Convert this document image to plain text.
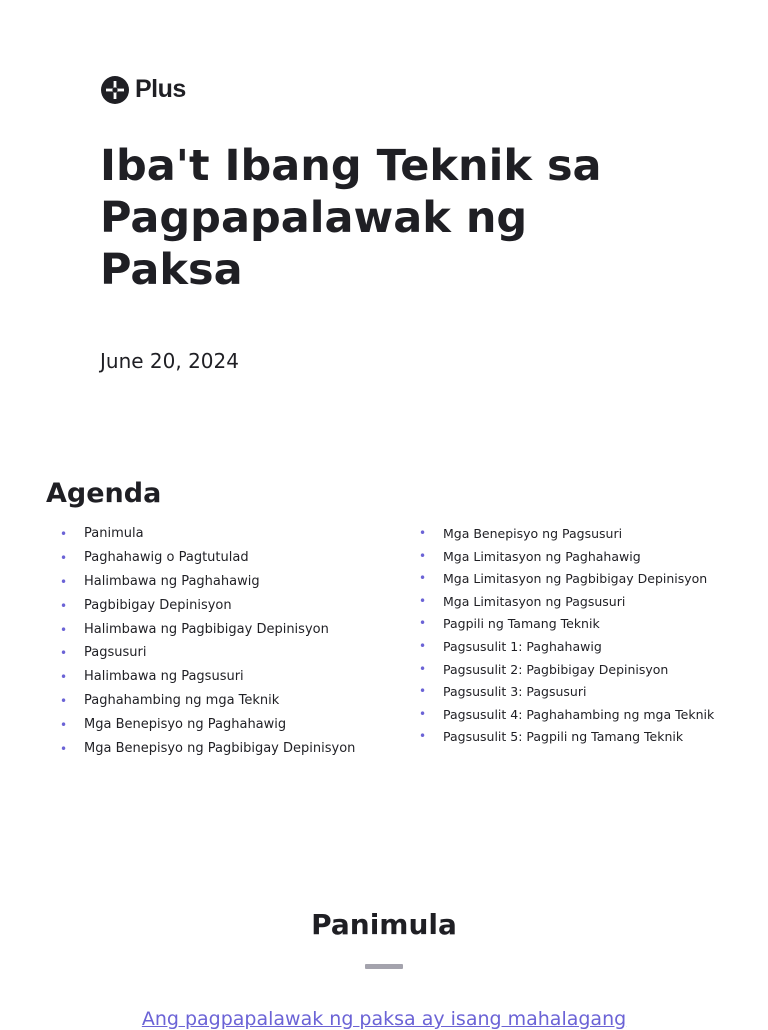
Plus
Iba't Ibang Teknik sa Pagpapalawak ng Paksa
June 20, 2024
Agenda
• Panimula
• Paghahawig o Pagtutulad
• Halimbawa ng Paghahawig
• Pagbibigay Depinisyon
• Halimbawa ng Pagbibigay Depinisyon
• Pagsusuri
• Halimbawa ng Pagsusuri
• Paghahambing ng mga Teknik
• Mga Benepisyo ng Paghahawig
• Mga Benepisyo ng Pagbibigay Depinisyon
• Mga Benepisyo ng Pagsusuri
• Mga Limitasyon ng Paghahawig
• Mga Limitasyon ng Pagbibigay Depinisyon
• Mga Limitasyon ng Pagsusuri
• Pagpili ng Tamang Teknik
• Pagsusulit 1: Paghahawig
• Pagsusulit 2: Pagbibigay Depinisyon
• Pagsusulit 3: Pagsusuri
• Pagsusulit 4: Paghahambing ng mga Teknik
• Pagsusulit 5: Pagpili ng Tamang Teknik
Panimula
Ang pagpapalawak ng paksa ay isang mahalagang
